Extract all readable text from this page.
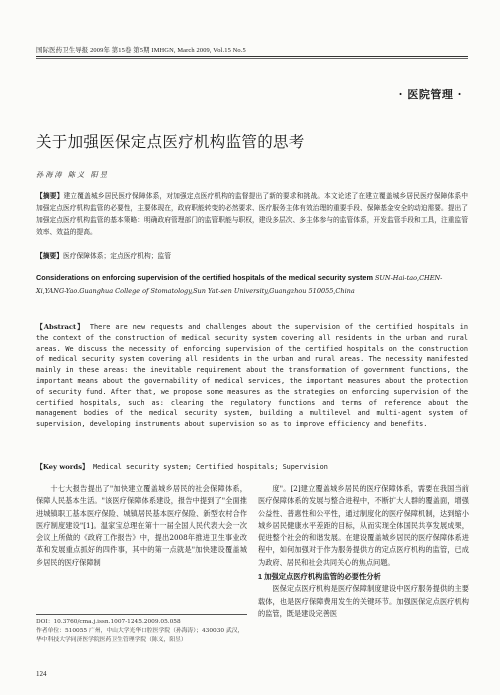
国际医药卫生导报 2009年 第15卷 第5期 IMHGN, March 2009, Vol.15 No.5
· 医院管理 ·
关于加强医保定点医疗机构监管的思考
孙海涛 陈义 阳昱
【摘要】建立覆盖城乡居民医疗保障体系，对加强定点医疗机构的监督提出了新的要求和挑战。本文论述了在建立覆盖城乡居民医疗保障体系中加强定点医疗机构监管的必要性，主要体现在，政府职能转变的必然要求、医疗服务主体有效治理的重要手段、保障基金安全的动迫需要。提出了加强定点医疗机构监管的基本策略：明确政府管理部门的监管职能与职权，建设多层次、多主体参与的监管体系，开发监管手段和工具，注重监管效率、效益的提高。
【摘要】医疗保障体系；定点医疗机构；监管
Considerations on enforcing supervision of the certified hospitals of the medical security system SUN-Hai-tao,CHEN-Xi,YANG-Yao.Guanghua College of Stomatology,Sun Yat-sen University,Guangzhou 510055,China
【Abstract】 There are new requests and challenges about the supervision of the certified hospitals in the context of the construction of medical security system covering all residents in the urban and rural areas. We discuss the necessity of enforcing supervision of the certified hospitals on the construction of medical security system covering all residents in the urban and rural areas. The necessity manifested mainly in these areas: the inevitable requirement about the transformation of government functions, the important means about the governability of medical services, the important measures about the protection of security fund. After that, we propose some measures as the strategies on enforcing supervision of the certified hospitals, such as: clearing the regulatory functions and terms of reference about the management bodies of the medical security system, building a multilevel and multi-agent system of supervision, developing instruments about supervision so as to improve efficiency and benefits.
【Key words】 Medical security system; Certified hospitals; Supervision

十七大报告提出了"加快建立覆盖城乡居民的社会保障体系，保障人民基本生活。"该医疗保障体系建设，报告中提到了"全面推进城镇职工基本医疗保险、城镇居民基本医疗保险、新型农村合作医疗制度建设"[1]。温家宝总理在第十一届全国人民代表大会一次会议上所做的《政府工作报告》中，提出2008年推进卫生事业改革和发展重点抓好的四件事，其中的第一点就是"加快建设覆盖城乡居民的医疗保障制

DOI：10.3760/cma.j.issn.1007-1245.2009.05.058
作者单位：510055 广州，中山大学光华口腔医学院（孙海涛）；430030 武汉，华中科技大学同济医学院医药卫生管理学院（陈义，阳昱）

度"。[2]建立覆盖城乡居民的医疗保障体系，需要在我国当前医疗保障体系的发展与整合进程中，不断扩大人群的覆盖面，增强公益性、普惠性和公平性，通过制度化的医疗保障机制，达到缩小城乡居民健康水平差距的目标，从而实现全体国民共享发展成果，促进整个社会的和谐发展。在建设覆盖城乡居民的医疗保障体系进程中，如何加强对于作为服务提供方的定点医疗机构的监管，已成为政府、居民和社会共同关心的焦点问题。

1 加强定点医疗机构监管的必要性分析

医保定点医疗机构是医疗保障制度建设中医疗服务提供的主要载体，也是医疗保障费用发生的关键环节。加强医保定点医疗机构的监管，既是建设完善医

124
